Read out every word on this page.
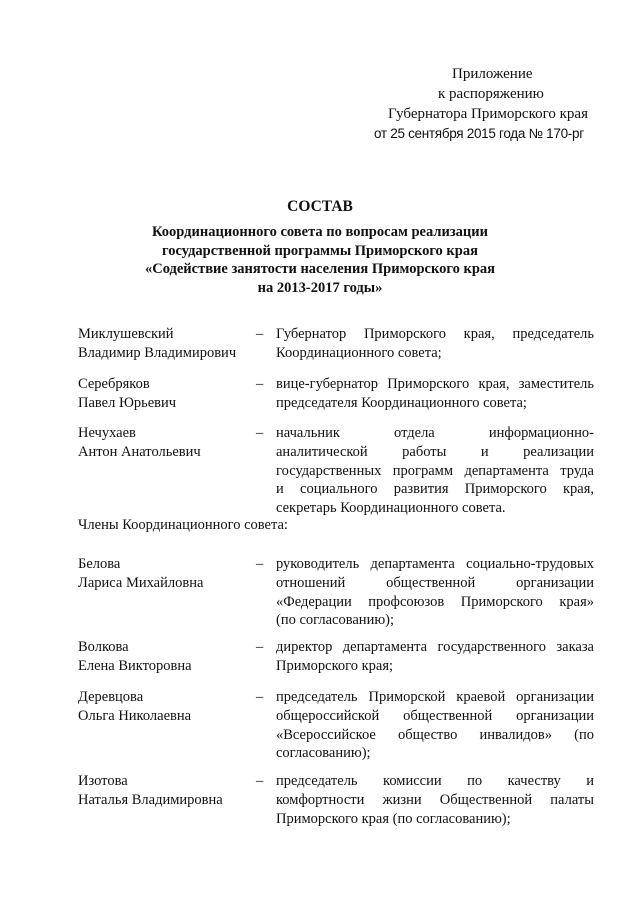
Приложение
к распоряжению
Губернатора Приморского края
от 25 сентября 2015 года № 170-рг
СОСТАВ
Координационного совета по вопросам реализации
государственной программы Приморского края
«Содействие занятости населения Приморского края
на 2013-2017 годы»
Миклушевский
Владимир Владимирович
– Губернатор Приморского края, председатель
Координационного совета;
Серебряков
Павел Юрьевич
– вице-губернатор Приморского края, заместитель
председателя Координационного совета;
Нечухаев
Антон Анатольевич
– начальник отдела информационно-
аналитической работы и реализации
государственных программ департамента труда
и социального развития Приморского края,
секретарь Координационного совета.
Члены Координационного совета:
Белова
Лариса Михайловна
– руководитель департамента социально-трудовых
отношений общественной организации
«Федерации профсоюзов Приморского края»
(по согласованию);
Волкова
Елена Викторовна
– директор департамента государственного заказа
Приморского края;
Деревцова
Ольга Николаевна
– председатель Приморской краевой организации
общероссийской общественной организации
«Всероссийское общество инвалидов» (по
согласованию);
Изотова
Наталья Владимировна
– председатель комиссии по качеству и
комфортности жизни Общественной палаты
Приморского края (по согласованию);
